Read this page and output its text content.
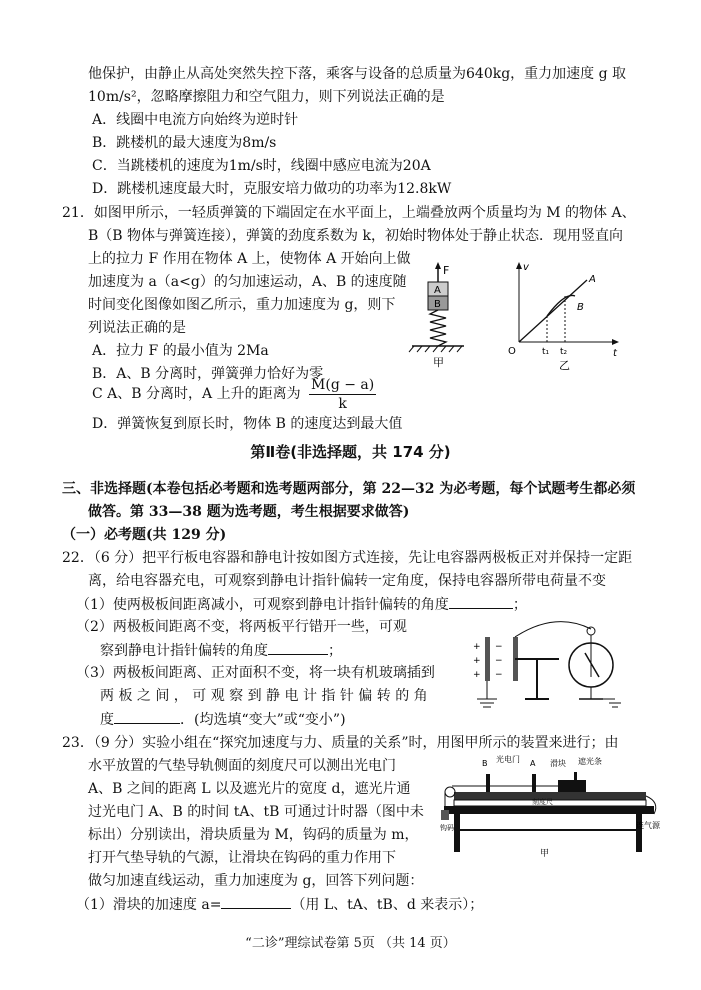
他保护，由静止从高处突然失控下落，乘客与设备的总质量为640kg，重力加速度 g 取
10m/s²，忽略摩擦阻力和空气阻力，则下列说法正确的是
A．线圈中电流方向始终为逆时针
B．跳楼机的最大速度为8m/s
C．当跳楼机的速度为1m/s时，线圈中感应电流为20A
D．跳楼机速度最大时，克服安培力做功的功率为12.8kW
21．如图甲所示，一轻质弹簧的下端固定在水平面上，上端叠放两个质量均为 M 的物体 A、
B（B 物体与弹簧连接），弹簧的劲度系数为 k，初始时物体处于静止状态．现用竖直向
上的拉力 F 作用在物体 A 上，使物体 A 开始向上做
加速度为 a（a<g）的匀加速运动，A、B 的速度随
时间变化图像如图乙所示，重力加速度为 g，则下
列说法正确的是
A．拉力 F 的最小值为 2Ma
B．A、B 分离时，弹簧弹力恰好为零
C A、B 分离时，A 上升的距离为 $\frac{M(g - a)}{k}$
D．弹簧恢复到原长时，物体 B 的速度达到最大值
F
A
B
甲
v
t
O
A
B
t₁ t₂
乙
第Ⅱ卷(非选择题，共 174 分)
三、非选择题(本卷包括必考题和选考题两部分，第 22—32 为必考题，每个试题考生都必须
做答。第 33—38 题为选考题，考生根据要求做答)
（一）必考题(共 129 分)
22．（6 分）把平行板电容器和静电计按如图方式连接，先让电容器两极板正对并保持一定距
离，给电容器充电，可观察到静电计指针偏转一定角度，保持电容器所带电荷量不变
（1）使两极板间距离减小，可观察到静电计指针偏转的角度	；
（2）两极板间距离不变，将两板平行错开一些，可观
察到静电计指针偏转的角度	；
（3）两极板间距离、正对面积不变，将一块有机玻璃插到
两 板 之 间 ， 可 观 察 到 静 电 计 指 针 偏 转 的 角
度	．(均选填“变大”或“变小”)
+
+
+
−
−
−
23．（9 分）实验小组在“探究加速度与力、质量的关系”时，用图甲所示的装置来进行；由
水平放置的气垫导轨侧面的刻度尺可以测出光电门
A、B 之间的距离 L 以及遮光片的宽度 d，遮光片通
过光电门 A、B 的时间 tA、tB 可通过计时器（图中未
标出）分别读出，滑块质量为 M，钩码的质量为 m，
打开气垫导轨的气源，让滑块在钩码的重力作用下
做匀加速直线运动，重力加速度为 g，回答下列问题：
（1）滑块的加速度 a=	（用 L、tA、tB、d 来表示）；
B 光电门 A 滑块 遮光条
刻度尺
钩码	连气源
甲
“二诊”理综试卷第 5页 （共 14 页）
